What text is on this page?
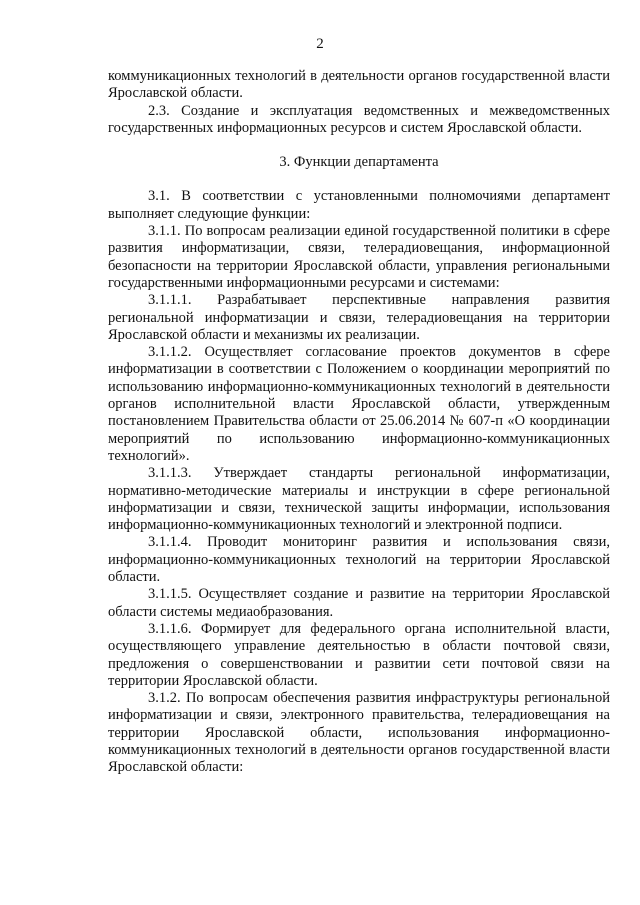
2

коммуникационных технологий в деятельности органов государственной власти Ярославской области.

2.3. Создание и эксплуатация ведомственных и межведомственных государственных информационных ресурсов и систем Ярославской области.

3. Функции департамента

3.1. В соответствии с установленными полномочиями департамент выполняет следующие функции:

3.1.1. По вопросам реализации единой государственной политики в сфере развития информатизации, связи, телерадиовещания, информационной безопасности на территории Ярославской области, управления региональными государственными информационными ресурсами и системами:

3.1.1.1. Разрабатывает перспективные направления развития региональной информатизации и связи, телерадиовещания на территории Ярославской области и механизмы их реализации.

3.1.1.2. Осуществляет согласование проектов документов в сфере информатизации в соответствии с Положением о координации мероприятий по использованию информационно-коммуникационных технологий в деятельности органов исполнительной власти Ярославской области, утвержденным постановлением Правительства области от 25.06.2014 № 607-п «О координации мероприятий по использованию информационно-коммуникационных технологий».

3.1.1.3. Утверждает стандарты региональной информатизации, нормативно-методические материалы и инструкции в сфере региональной информатизации и связи, технической защиты информации, использования информационно-коммуникационных технологий и электронной подписи.

3.1.1.4. Проводит мониторинг развития и использования связи, информационно-коммуникационных технологий на территории Ярославской области.

3.1.1.5. Осуществляет создание и развитие на территории Ярославской области системы медиаобразования.

3.1.1.6. Формирует для федерального органа исполнительной власти, осуществляющего управление деятельностью в области почтовой связи, предложения о совершенствовании и развитии сети почтовой связи на территории Ярославской области.

3.1.2. По вопросам обеспечения развития инфраструктуры региональной информатизации и связи, электронного правительства, телерадиовещания на территории Ярославской области, использования информационно-коммуникационных технологий в деятельности органов государственной власти Ярославской области:
